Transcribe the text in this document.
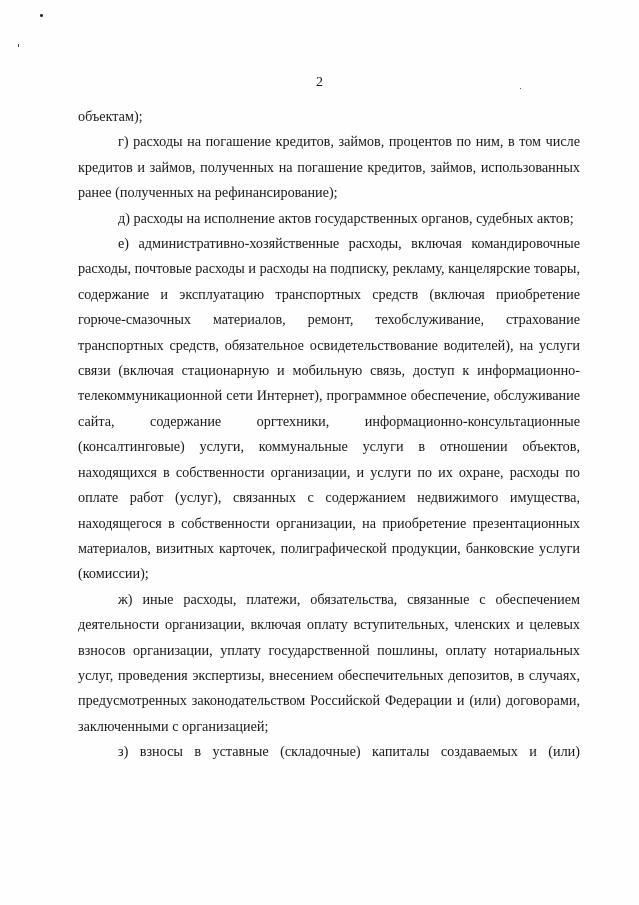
2

объектам);

г) расходы на погашение кредитов, займов, процентов по ним, в том числе кредитов и займов, полученных на погашение кредитов, займов, использованных ранее (полученных на рефинансирование);

д) расходы на исполнение актов государственных органов, судебных актов;

е) административно-хозяйственные расходы, включая командировочные расходы, почтовые расходы и расходы на подписку, рекламу, канцелярские товары, содержание и эксплуатацию транспортных средств (включая приобретение горюче-смазочных материалов, ремонт, техобслуживание, страхование транспортных средств, обязательное освидетельствование водителей), на услуги связи (включая стационарную и мобильную связь, доступ к информационно-телекоммуникационной сети Интернет), программное обеспечение, обслуживание сайта, содержание оргтехники, информационно-консультационные (консалтинговые) услуги, коммунальные услуги в отношении объектов, находящихся в собственности организации, и услуги по их охране, расходы по оплате работ (услуг), связанных с содержанием недвижимого имущества, находящегося в собственности организации, на приобретение презентационных материалов, визитных карточек, полиграфической продукции, банковские услуги (комиссии);

ж) иные расходы, платежи, обязательства, связанные с обеспечением деятельности организации, включая оплату вступительных, членских и целевых взносов организации, уплату государственной пошлины, оплату нотариальных услуг, проведения экспертизы, внесением обеспечительных депозитов, в случаях, предусмотренных законодательством Российской Федерации и (или) договорами, заключенными с организацией;

з) взносы в уставные (складочные) капиталы создаваемых и (или)
